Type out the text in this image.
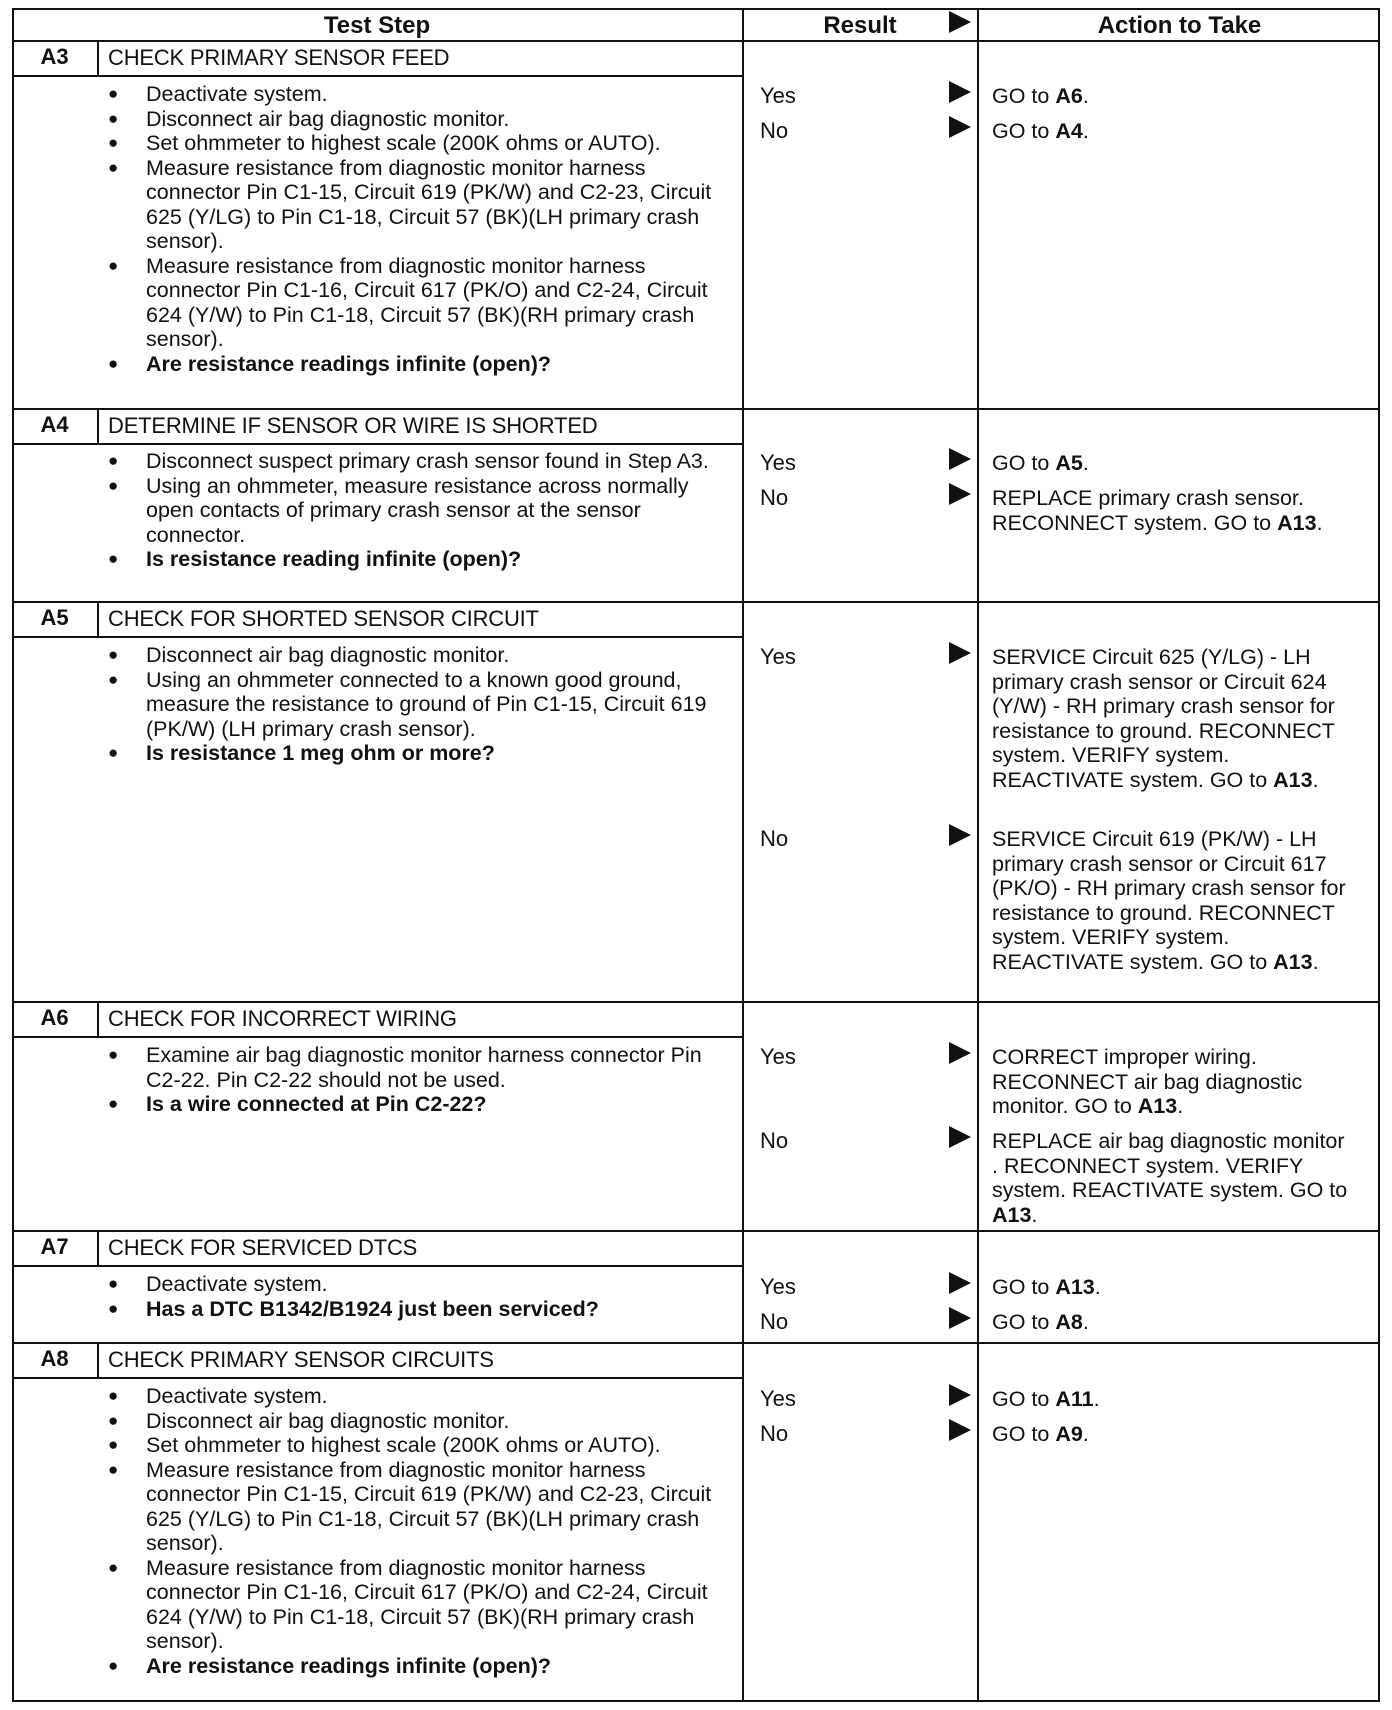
Test Step	Result	Action to Take
A3	CHECK PRIMARY SENSOR FEED
● Deactivate system.
● Disconnect air bag diagnostic monitor.
● Set ohmmeter to highest scale (200K ohms or AUTO).
● Measure resistance from diagnostic monitor harness connector Pin C1-15, Circuit 619 (PK/W) and C2-23, Circuit 625 (Y/LG) to Pin C1-18, Circuit 57 (BK)(LH primary crash sensor).
● Measure resistance from diagnostic monitor harness connector Pin C1-16, Circuit 617 (PK/O) and C2-24, Circuit 624 (Y/W) to Pin C1-18, Circuit 57 (BK)(RH primary crash sensor).
● Are resistance readings infinite (open)?
Yes	GO to A6.
No	GO to A4.
A4	DETERMINE IF SENSOR OR WIRE IS SHORTED
● Disconnect suspect primary crash sensor found in Step A3.
● Using an ohmmeter, measure resistance across normally open contacts of primary crash sensor at the sensor connector.
● Is resistance reading infinite (open)?
Yes	GO to A5.
No	REPLACE primary crash sensor. RECONNECT system. GO to A13.
A5	CHECK FOR SHORTED SENSOR CIRCUIT
● Disconnect air bag diagnostic monitor.
● Using an ohmmeter connected to a known good ground, measure the resistance to ground of Pin C1-15, Circuit 619 (PK/W) (LH primary crash sensor).
● Is resistance 1 meg ohm or more?
Yes	SERVICE Circuit 625 (Y/LG) - LH primary crash sensor or Circuit 624 (Y/W) - RH primary crash sensor for resistance to ground. RECONNECT system. VERIFY system. REACTIVATE system. GO to A13.
No	SERVICE Circuit 619 (PK/W) - LH primary crash sensor or Circuit 617 (PK/O) - RH primary crash sensor for resistance to ground. RECONNECT system. VERIFY system. REACTIVATE system. GO to A13.
A6	CHECK FOR INCORRECT WIRING
● Examine air bag diagnostic monitor harness connector Pin C2-22. Pin C2-22 should not be used.
● Is a wire connected at Pin C2-22?
Yes	CORRECT improper wiring. RECONNECT air bag diagnostic monitor. GO to A13.
No	REPLACE air bag diagnostic monitor . RECONNECT system. VERIFY system. REACTIVATE system. GO to A13.
A7	CHECK FOR SERVICED DTCS
● Deactivate system.
● Has a DTC B1342/B1924 just been serviced?
Yes	GO to A13.
No	GO to A8.
A8	CHECK PRIMARY SENSOR CIRCUITS
● Deactivate system.
● Disconnect air bag diagnostic monitor.
● Set ohmmeter to highest scale (200K ohms or AUTO).
● Measure resistance from diagnostic monitor harness connector Pin C1-15, Circuit 619 (PK/W) and C2-23, Circuit 625 (Y/LG) to Pin C1-18, Circuit 57 (BK)(LH primary crash sensor).
● Measure resistance from diagnostic monitor harness connector Pin C1-16, Circuit 617 (PK/O) and C2-24, Circuit 624 (Y/W) to Pin C1-18, Circuit 57 (BK)(RH primary crash sensor).
● Are resistance readings infinite (open)?
Yes	GO to A11.
No	GO to A9.
